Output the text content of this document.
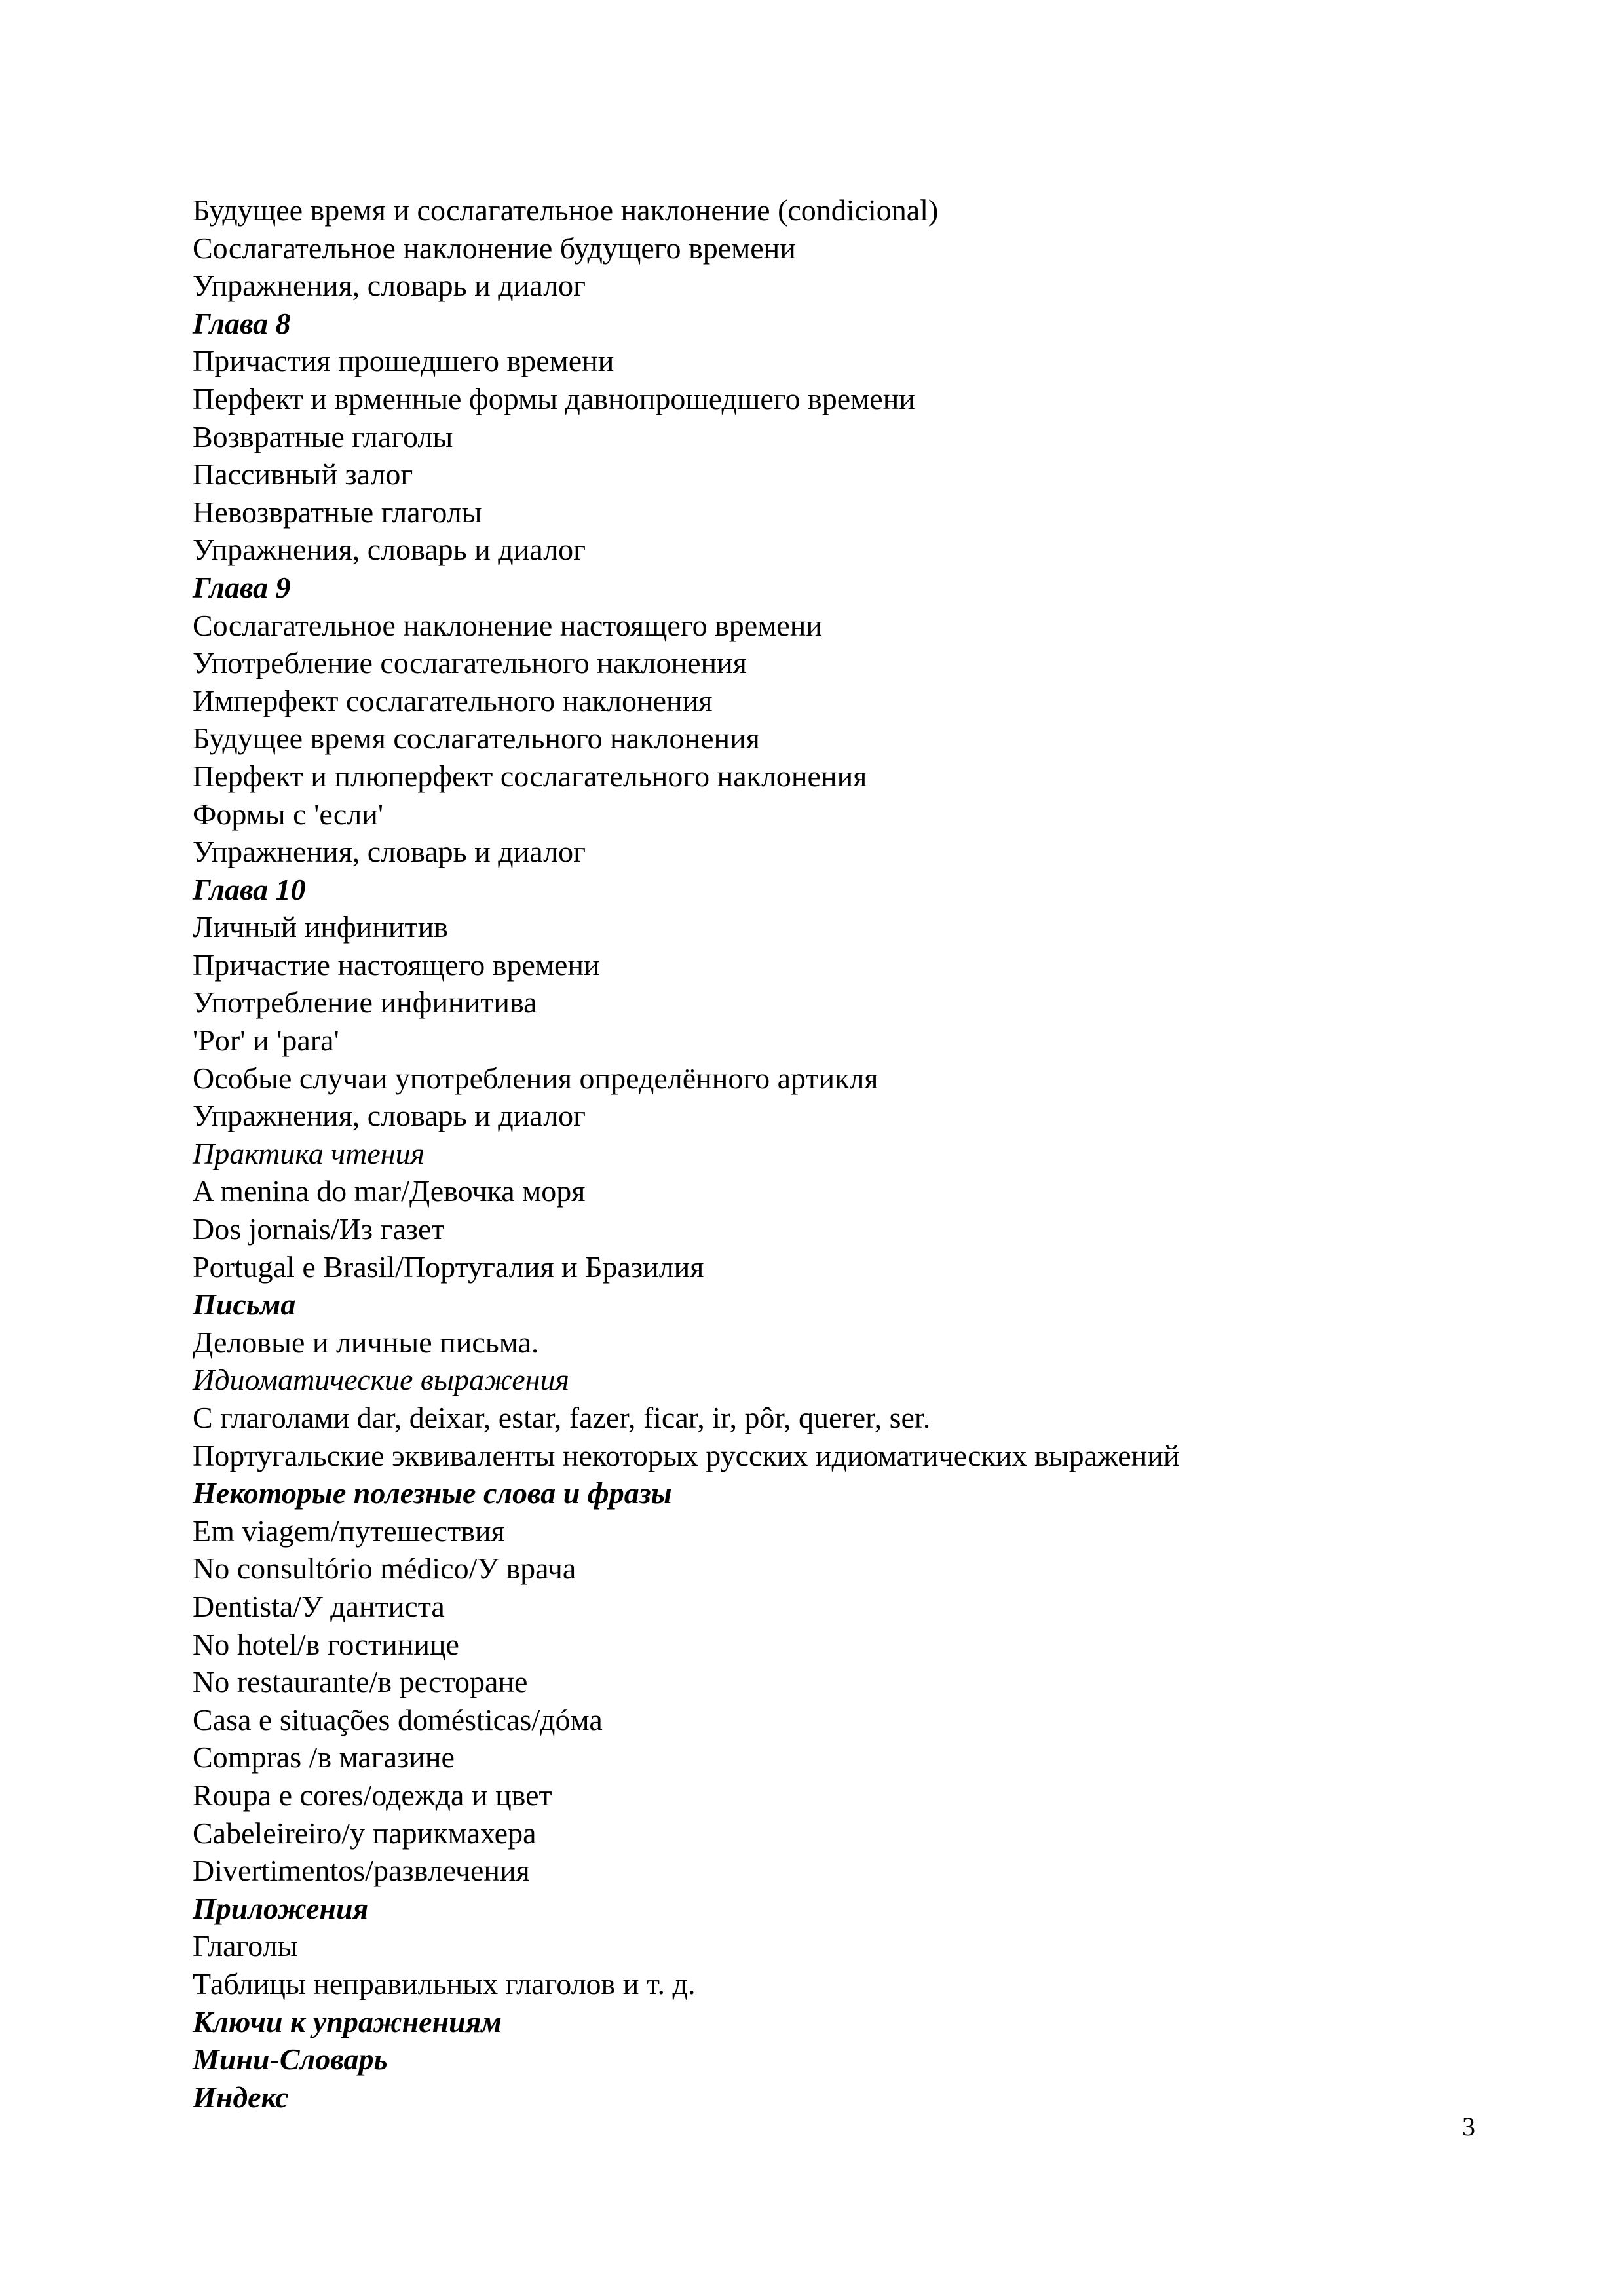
Будущее время и сослагательное наклонение (condicional)
Сослагательное наклонение будущего времени
Упражнения, словарь и диалог
Глава 8
Причастия прошедшего времени
Перфект и врменные формы давнопрошедшего времени
Возвратные глаголы
Пассивный залог
Невозвратные глаголы
Упражнения, словарь и диалог
Глава 9
Сослагательное наклонение настоящего времени
Употребление сослагательного наклонения
Имперфект сослагательного наклонения
Будущее время сослагательного наклонения
Перфект и плюперфект сослагательного наклонения
Формы с 'если'
Упражнения, словарь и диалог
Глава 10
Личный инфинитив
Причастие настоящего времени
Употребление инфинитива
'Por' и 'para'
Особые случаи употребления определённого артикля
Упражнения, словарь и диалог
Практика чтения
A menina do mar/Девочка моря
Dos jornais/Из газет
Portugal e Brasil/Португалия и Бразилия
Письма
Деловые и личные письма.
Идиоматические выражения
С глаголами dar, deixar, estar, fazer, ficar, ir, pôr, querer, ser.
Португальские эквиваленты некоторых русских идиоматических выражений
Некоторые полезные слова и фразы
Em viagem/путешествия
No consultório médico/У врача
Dentista/У дантиста
No hotel/в гостинице
No restaurante/в ресторане
Casa e situações domésticas/дóма
Compras /в магазине
Roupa e cores/одежда и цвет
Cabeleireiro/у парикмахера
Divertimentos/развлечения
Приложения
Глаголы
Таблицы неправильных глаголов и т. д.
Ключи к упражнениям
Мини-Словарь
Индекс
3
